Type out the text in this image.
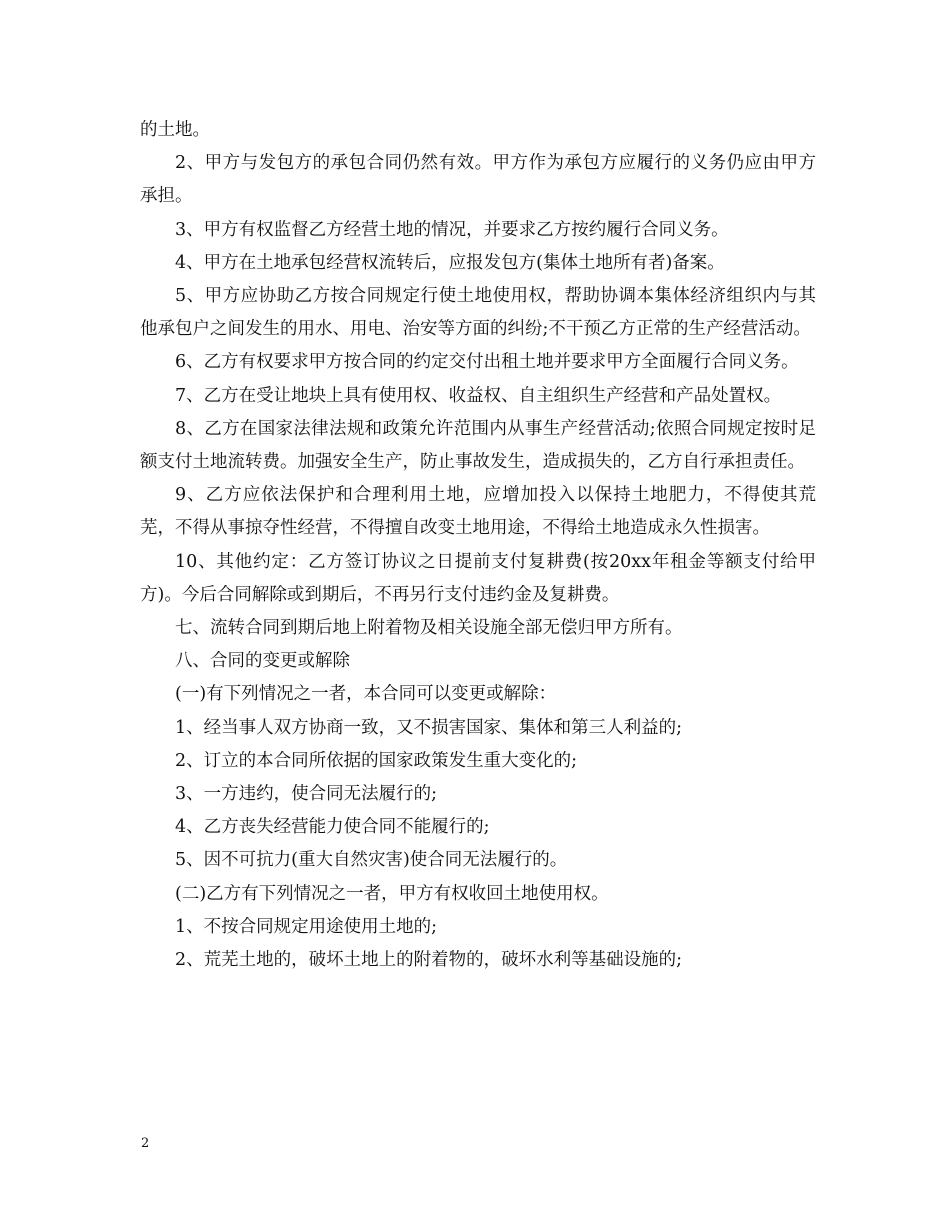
的土地。

2、甲方与发包方的承包合同仍然有效。甲方作为承包方应履行的义务仍应由甲方承担。

3、甲方有权监督乙方经营土地的情况，并要求乙方按约履行合同义务。

4、甲方在土地承包经营权流转后，应报发包方(集体土地所有者)备案。

5、甲方应协助乙方按合同规定行使土地使用权，帮助协调本集体经济组织内与其他承包户之间发生的用水、用电、治安等方面的纠纷;不干预乙方正常的生产经营活动。

6、乙方有权要求甲方按合同的约定交付出租土地并要求甲方全面履行合同义务。

7、乙方在受让地块上具有使用权、收益权、自主组织生产经营和产品处置权。

8、乙方在国家法律法规和政策允许范围内从事生产经营活动;依照合同规定按时足额支付土地流转费。加强安全生产，防止事故发生，造成损失的，乙方自行承担责任。

9、乙方应依法保护和合理利用土地，应增加投入以保持土地肥力，不得使其荒芜，不得从事掠夺性经营，不得擅自改变土地用途，不得给土地造成永久性损害。

10、其他约定：乙方签订协议之日提前支付复耕费(按20xx年租金等额支付给甲方)。今后合同解除或到期后，不再另行支付违约金及复耕费。

七、流转合同到期后地上附着物及相关设施全部无偿归甲方所有。

八、合同的变更或解除

(一)有下列情况之一者，本合同可以变更或解除：

1、经当事人双方协商一致，又不损害国家、集体和第三人利益的;

2、订立的本合同所依据的国家政策发生重大变化的;

3、一方违约，使合同无法履行的;

4、乙方丧失经营能力使合同不能履行的;

5、因不可抗力(重大自然灾害)使合同无法履行的。

(二)乙方有下列情况之一者，甲方有权收回土地使用权。

1、不按合同规定用途使用土地的;

2、荒芜土地的，破坏土地上的附着物的，破坏水利等基础设施的;

2
